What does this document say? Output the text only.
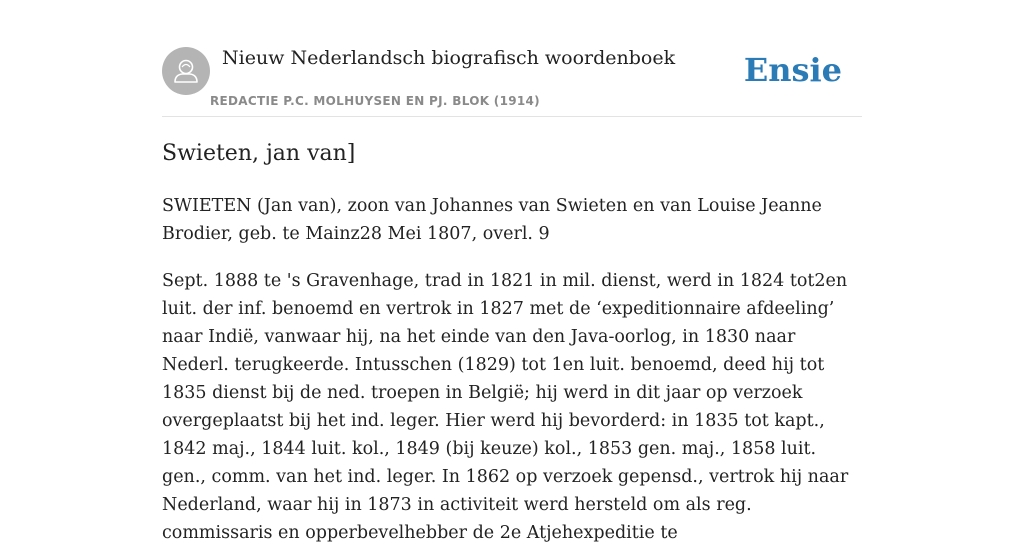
Nieuw Nederlandsch biografisch woordenboek
REDACTIE P.C. MOLHUYSEN EN PJ. BLOK (1914)
Ensie
Swieten, jan van]

SWIETEN (Jan van), zoon van Johannes van Swieten en van Louise Jeanne Brodier, geb. te Mainz28 Mei 1807, overl. 9

Sept. 1888 te 's Gravenhage, trad in 1821 in mil. dienst, werd in 1824 tot2en luit. der inf. benoemd en vertrok in 1827 met de ‘expeditionnaire afdeeling’ naar Indië, vanwaar hij, na het einde van den Java-oorlog, in 1830 naar Nederl. terugkeerde. Intusschen (1829) tot 1en luit. benoemd, deed hij tot 1835 dienst bij de ned. troepen in België; hij werd in dit jaar op verzoek overgeplaatst bij het ind. leger. Hier werd hij bevorderd: in 1835 tot kapt., 1842 maj., 1844 luit. kol., 1849 (bij keuze) kol., 1853 gen. maj., 1858 luit. gen., comm. van het ind. leger. In 1862 op verzoek gepensd., vertrok hij naar Nederland, waar hij in 1873 in activiteit werd hersteld om als reg. commissaris en opperbevelhebber de 2e Atjehexpeditie te
